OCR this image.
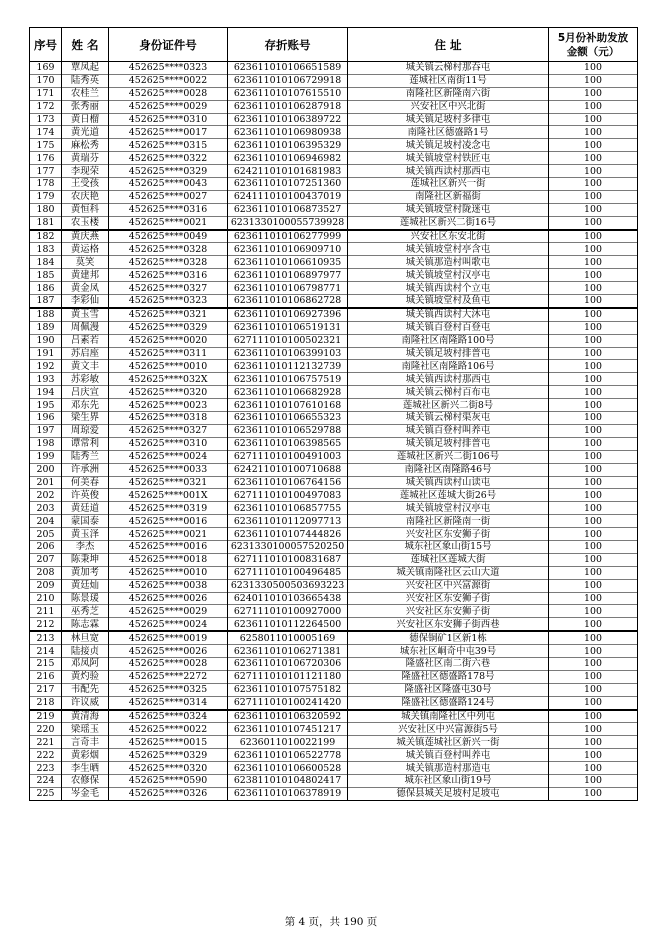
序号	姓 名	身份证件号	存折账号	住 址	5月份补助发放
金额（元）

169	覃凤起	452625****0323	623611010106651589	城关镇云梯村那吞屯	100
170	陆秀英	452625****0022	623611010106729918	莲城社区南街11号	100
171	农桂兰	452625****0028	623611010107615510	南隆社区新隆南六街	100
172	张秀丽	452625****0029	623611010106287918	兴安社区中兴北街	100
173	黄日榴	452625****0310	623611010106389722	城关镇足坡村多律屯	100
174	黄光道	452625****0017	623611010106980938	南隆社区德盛路1号	100
175	麻松秀	452625****0315	623611010106395329	城关镇足坡村凌念屯	100
176	黄瑞芬	452625****0322	623611010106946982	城关镇坡堂村铁匠屯	100
177	李现荣	452625****0329	624211010101681983	城关镇西读村那西屯	100
178	王受孩	452625****0043	623611010107251360	莲城社区新兴一街	100
179	农庆艳	452625****0027	624111010100437019	南隆社区新福街	100
180	黄恒科	452625****0316	623611010106873527	城关镇坡堂村陇迷屯	100
181	农玉楼	452625****0021	623133010005573992​8	莲城社区新兴二街16号	100
182	黄庆燕	452625****0049	623611010106277999	兴安社区东安北街	100
183	黄运格	452625****0328	623611010106909710	城关镇坡堂村亭含屯	100
184	莫笑	452625****0328	623611010106610935	城关镇那造村叫歌屯	100
185	黄建邦	452625****0316	623611010106897977	城关镇坡堂村汉亭屯	100
186	黄金凤	452625****0327	623611010106798771	城关镇西读村个立屯	100
187	李彩仙	452625****0323	623611010106862728	城关镇坡堂村及鱼屯	100
188	黄玉雪	452625****0321	623611010106927396	城关镇西读村大沐屯	100
189	周佩漫	452625****0329	623611010106519131	城关镇百登村百登屯	100
190	吕素若	452625****0020	627111010100502321	南隆社区南隆路100号	100
191	苏启座	452625****0311	623611010106399103	城关镇足坡村排普屯	100
192	黄文丰	452625****0010	623611010112132739	南隆社区南隆路106号	100
193	苏彩敏	452625****032X	623611010106757519	城关镇西读村那西屯	100
194	吕庆宣	452625****0320	623611010106682928	城关镇云梯村百布屯	100
195	邓东先	452625****0023	623611010107610168	莲城社区新兴二街8号	100
196	梁生界	452625****0318	623611010106655323	城关镇云梯村渠灰屯	100
197	周琼爱	452625****0327	623611010106529788	城关镇百登村叫养屯	100
198	谭常利	452625****0310	623611010106398565	城关镇足坡村排普屯	100
199	陆秀兰	452625****0024	627111010100491003	莲城社区新兴二街106号	100
200	许承洲	452625****0033	624211010100710688	南隆社区南隆路46号	100
201	何美春	452625****0321	623611010106764156	城关镇西读村山读屯	100
202	许英俊	452625****001X	627111010100497083	莲城社区莲城大街26号	100
203	黄廷道	452625****0319	623611010106857755	城关镇坡堂村汉亭屯	100
204	蒙国泰	452625****0016	623611010112097713	南隆社区新隆南一街	100
205	黄玉泽	452625****0021	623611010107444826	兴安社区东安狮子街	100
206	李杰	452625****0016	623133010005752025​0	城东社区象山街15号	100
207	陈秉坤	452625****0018	627111010100831687	莲城社区莲城大街	100
208	黄加考	452625****0010	627111010100496485	城关镇南隆社区云山大道	100
209	黄廷灿	452625****0038	623133050050369322​3	兴安社区中兴富源街	100
210	陈景瑗	452625****0026	624011010103665438	兴安社区东安狮子街	100
211	巫秀芝	452625****0029	627111010100927000	兴安社区东安狮子街	100
212	陈志霖	452625****0024	623611010112264500	兴安社区东安狮子街西巷	100
213	林旦宽	452625****0019	6258011010005169	德保铜矿1区新1栋	100
214	陆接贞	452625****0026	623611010106271381	城东社区峒奇中屯39号	100
215	邓凤阿	452625****0028	623611010106720306	隆盛社区南二街六巷	100
216	黄灼验	452625****2272	627111010101121180	隆盛社区德盛路178号	100
217	韦配先	452625****0325	623611010107575182	隆盛社区隆盛屯30号	100
218	许议威	452625****0314	627111010100241420	隆盛社区德盛路124号	100
219	黄清海	452625****0324	623611010106320592	城关镇南隆社区中列屯	100
220	梁瑶玉	452625****0022	623611010107451217	兴安社区中兴富源街5号	100
221	言奇丰	452625****0015	6236011010022199	城关镇莲城社区新兴一街	100
222	黄彩烟	452625****0329	623611010106522778	城关镇百登村叫养屯	100
223	李生晒	452625****0320	623611010106600528	城关镇那造村那造屯	100
224	农修保	452625****0590	623811010104802417	城东社区象山街19号	100
225	岑金毛	452625****0326	623611010106378919	德保县城关足坡村足坡屯	100
第 4 页，共 190 页
